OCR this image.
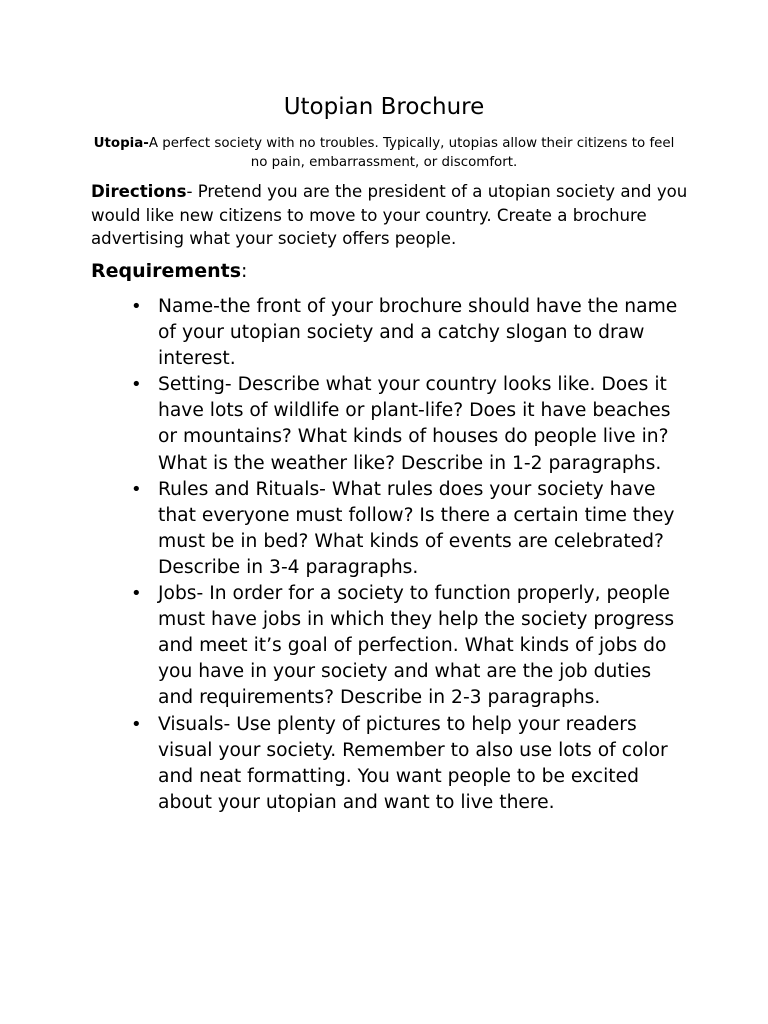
Utopian Brochure
Utopia-A perfect society with no troubles. Typically, utopias allow their citizens to feel no pain, embarrassment, or discomfort.
Directions- Pretend you are the president of a utopian society and you would like new citizens to move to your country. Create a brochure advertising what your society offers people.
Requirements:
• Name-the front of your brochure should have the name of your utopian society and a catchy slogan to draw interest.
• Setting- Describe what your country looks like. Does it have lots of wildlife or plant-life? Does it have beaches or mountains? What kinds of houses do people live in? What is the weather like? Describe in 1-2 paragraphs.
• Rules and Rituals- What rules does your society have that everyone must follow? Is there a certain time they must be in bed? What kinds of events are celebrated? Describe in 3-4 paragraphs.
• Jobs- In order for a society to function properly, people must have jobs in which they help the society progress and meet it’s goal of perfection. What kinds of jobs do you have in your society and what are the job duties and requirements? Describe in 2-3 paragraphs.
• Visuals- Use plenty of pictures to help your readers visual your society. Remember to also use lots of color and neat formatting. You want people to be excited about your utopian and want to live there.
